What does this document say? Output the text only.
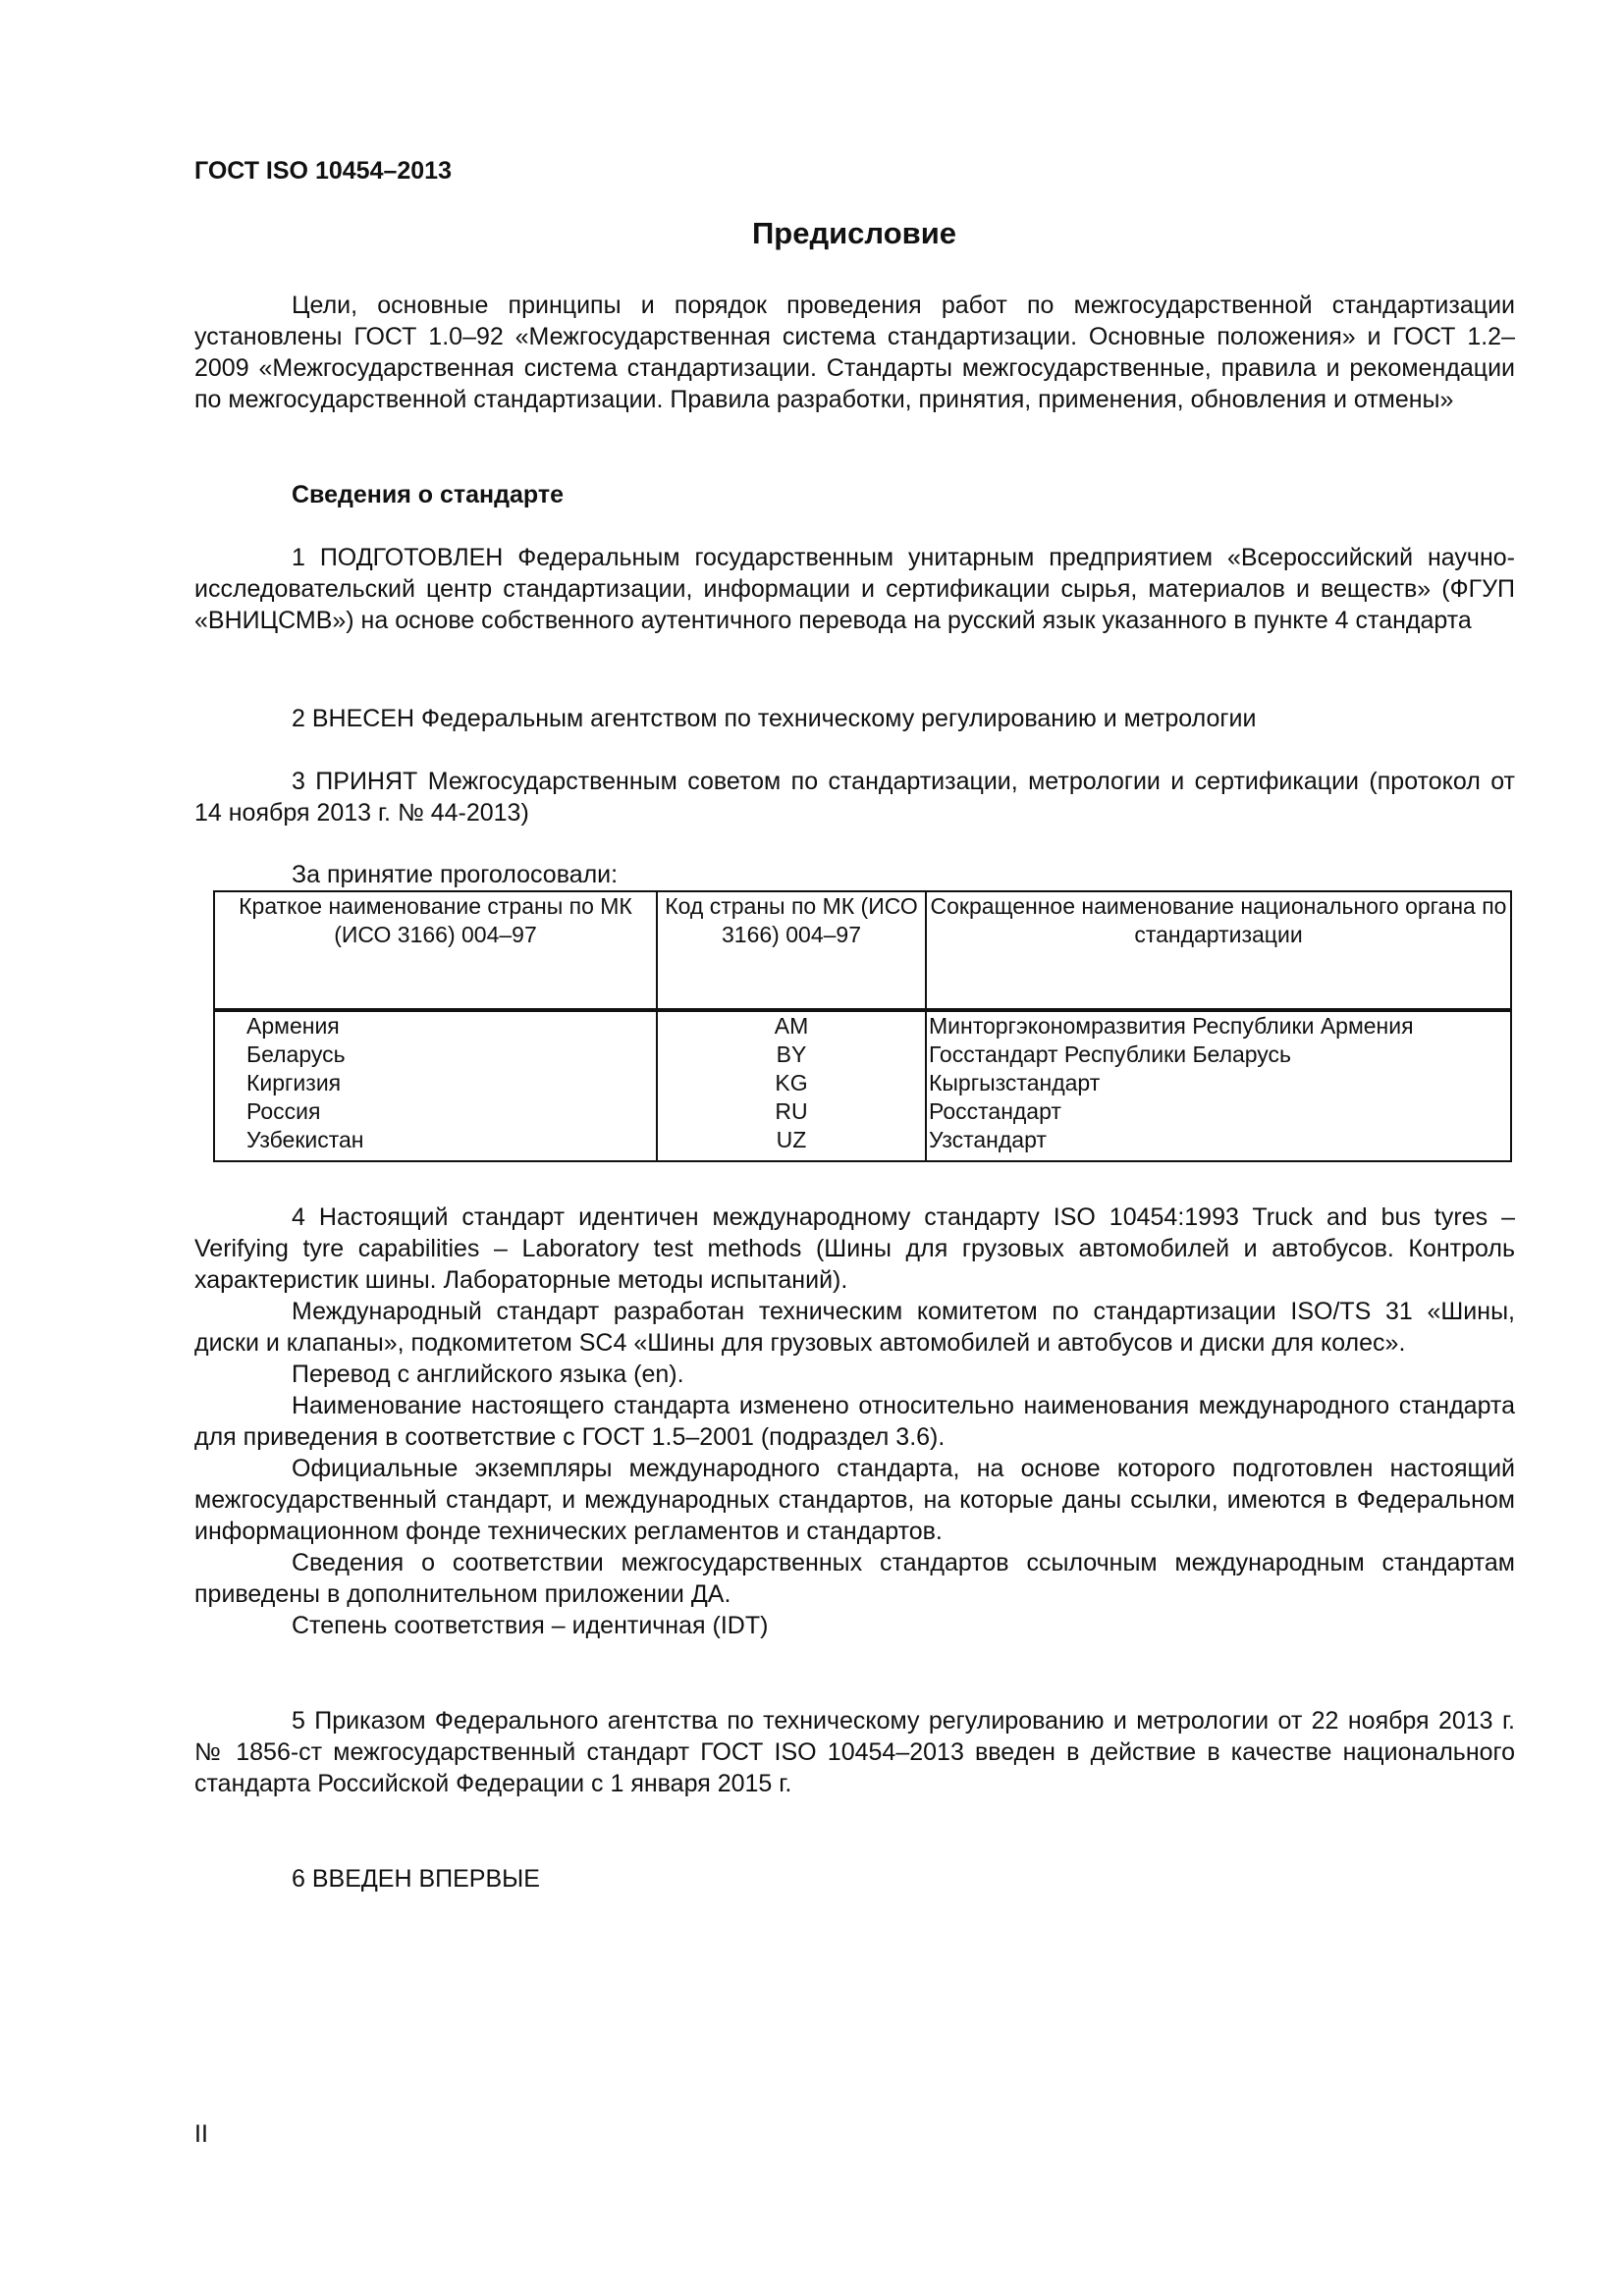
ГОСТ ISO 10454–2013
Предисловие

Цели, основные принципы и порядок проведения работ по межгосударственной стандартизации установлены ГОСТ 1.0–92 «Межгосударственная система стандартизации. Основные положения» и ГОСТ 1.2–2009 «Межгосударственная система стандартизации. Стандарты межгосударственные, правила и рекомендации по межгосударственной стандартизации. Правила разработки, принятия, применения, обновления и отмены»

Сведения о стандарте

1 ПОДГОТОВЛЕН Федеральным государственным унитарным предприятием «Всероссийский научно-исследовательский центр стандартизации, информации и сертификации сырья, материалов и веществ» (ФГУП «ВНИЦСМВ») на основе собственного аутентичного перевода на русский язык указанного в пункте 4 стандарта

2 ВНЕСЕН Федеральным агентством по техническому регулированию и метрологии

3 ПРИНЯТ Межгосударственным советом по стандартизации, метрологии и сертификации (протокол от 14 ноября 2013 г. № 44-2013)

За принятие проголосовали:
Краткое наименование страны по МК (ИСО 3166) 004–97	Код страны по МК (ИСО 3166) 004–97	Сокращенное наименование национального органа по стандартизации
Армения	AM	Минторгэкономразвития Республики Армения
Беларусь	BY	Госстандарт Республики Беларусь
Киргизия	KG	Кыргызстандарт
Россия	RU	Росстандарт
Узбекистан	UZ	Узстандарт

4 Настоящий стандарт идентичен международному стандарту ISO 10454:1993 Truck and bus tyres – Verifying tyre capabilities – Laboratory test methods (Шины для грузовых автомобилей и автобусов. Контроль характеристик шины. Лабораторные методы испытаний).

Международный стандарт разработан техническим комитетом по стандартизации ISO/TS 31 «Шины, диски и клапаны», подкомитетом SC4 «Шины для грузовых автомобилей и автобусов и диски для колес».

Перевод с английского языка (en).

Наименование настоящего стандарта изменено относительно наименования международного стандарта для приведения в соответствие с ГОСТ 1.5–2001 (подраздел 3.6).

Официальные экземпляры международного стандарта, на основе которого подготовлен настоящий межгосударственный стандарт, и международных стандартов, на которые даны ссылки, имеются в Федеральном информационном фонде технических регламентов и стандартов.

Сведения о соответствии межгосударственных стандартов ссылочным международным стандартам приведены в дополнительном приложении ДА.

Степень соответствия – идентичная (IDT)

5 Приказом Федерального агентства по техническому регулированию и метрологии от 22 ноября 2013 г. № 1856-ст межгосударственный стандарт ГОСТ ISO 10454–2013 введен в действие в качестве национального стандарта Российской Федерации с 1 января 2015 г.

6 ВВЕДЕН ВПЕРВЫЕ
II
